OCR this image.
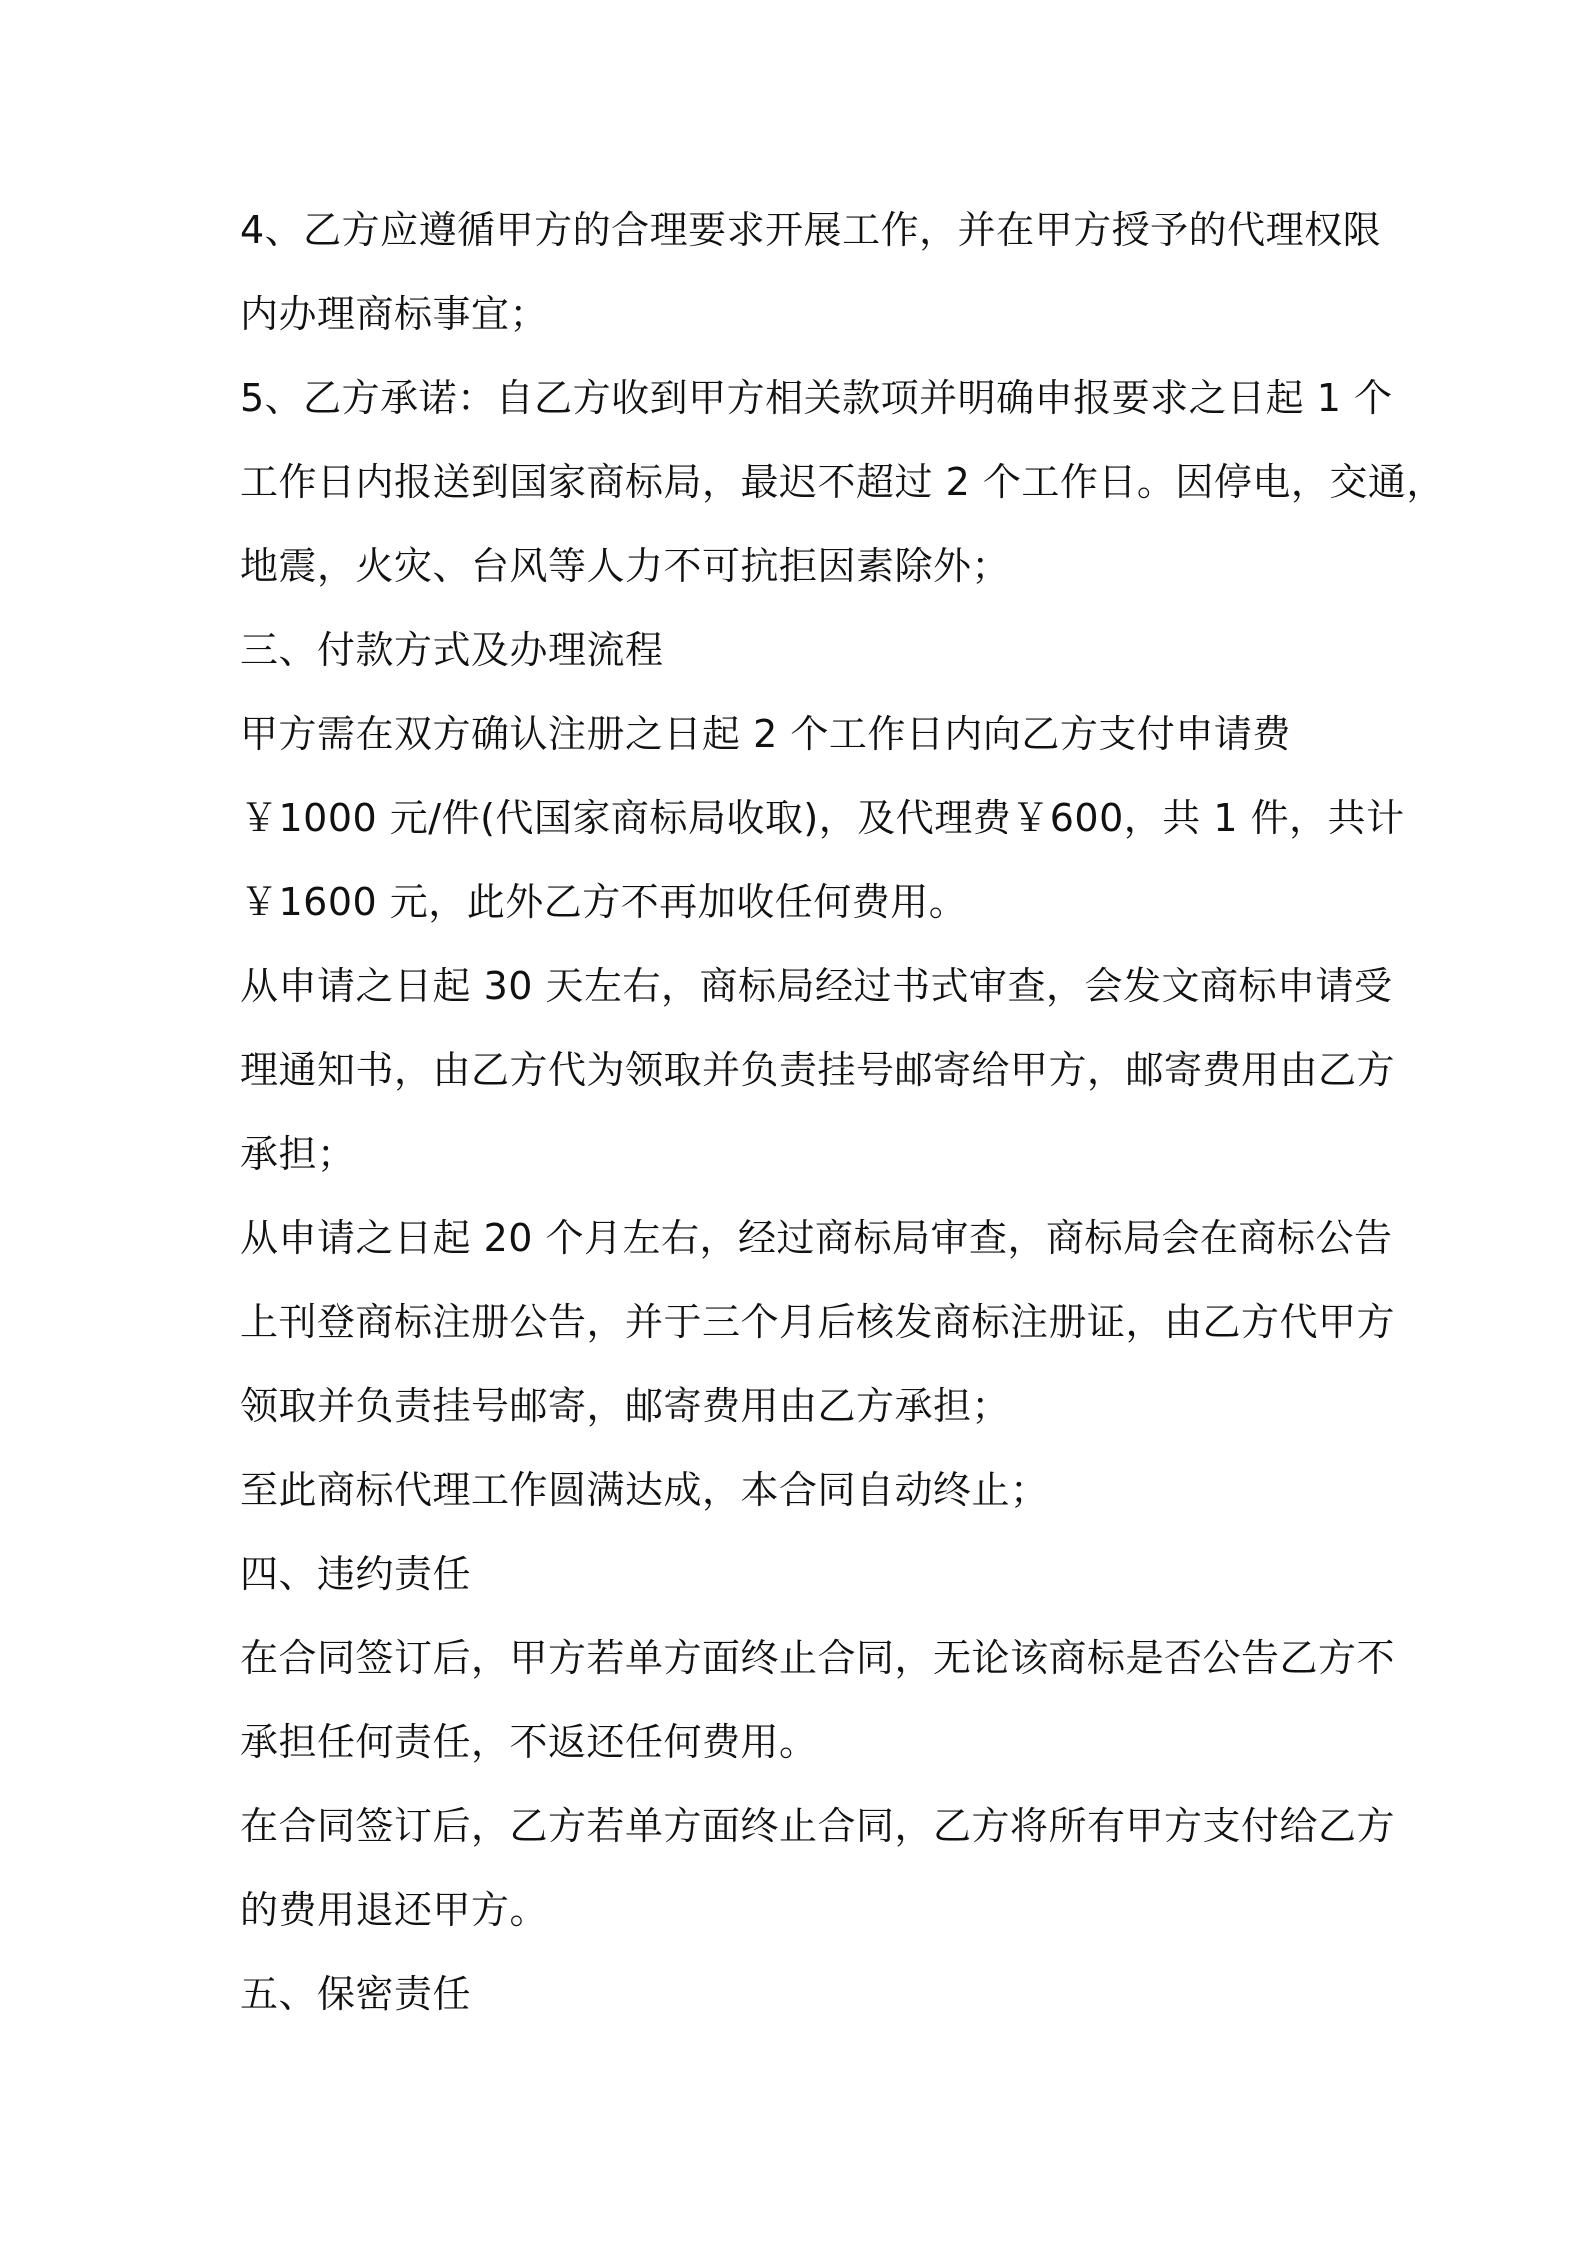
4、乙方应遵循甲方的合理要求开展工作，并在甲方授予的代理权限
内办理商标事宜；
5、乙方承诺：自乙方收到甲方相关款项并明确申报要求之日起 1 个
工作日内报送到国家商标局，最迟不超过 2 个工作日。因停电，交通，
地震，火灾、台风等人力不可抗拒因素除外；
三、付款方式及办理流程
甲方需在双方确认注册之日起 2 个工作日内向乙方支付申请费
￥1000 元/件(代国家商标局收取)，及代理费￥600，共 1 件，共计
￥1600 元，此外乙方不再加收任何费用。
从申请之日起 30 天左右，商标局经过书式审查，会发文商标申请受
理通知书，由乙方代为领取并负责挂号邮寄给甲方，邮寄费用由乙方
承担；
从申请之日起 20 个月左右，经过商标局审查，商标局会在商标公告
上刊登商标注册公告，并于三个月后核发商标注册证，由乙方代甲方
领取并负责挂号邮寄，邮寄费用由乙方承担；
至此商标代理工作圆满达成，本合同自动终止；
四、违约责任
在合同签订后，甲方若单方面终止合同，无论该商标是否公告乙方不
承担任何责任，不返还任何费用。
在合同签订后，乙方若单方面终止合同，乙方将所有甲方支付给乙方
的费用退还甲方。
五、保密责任
